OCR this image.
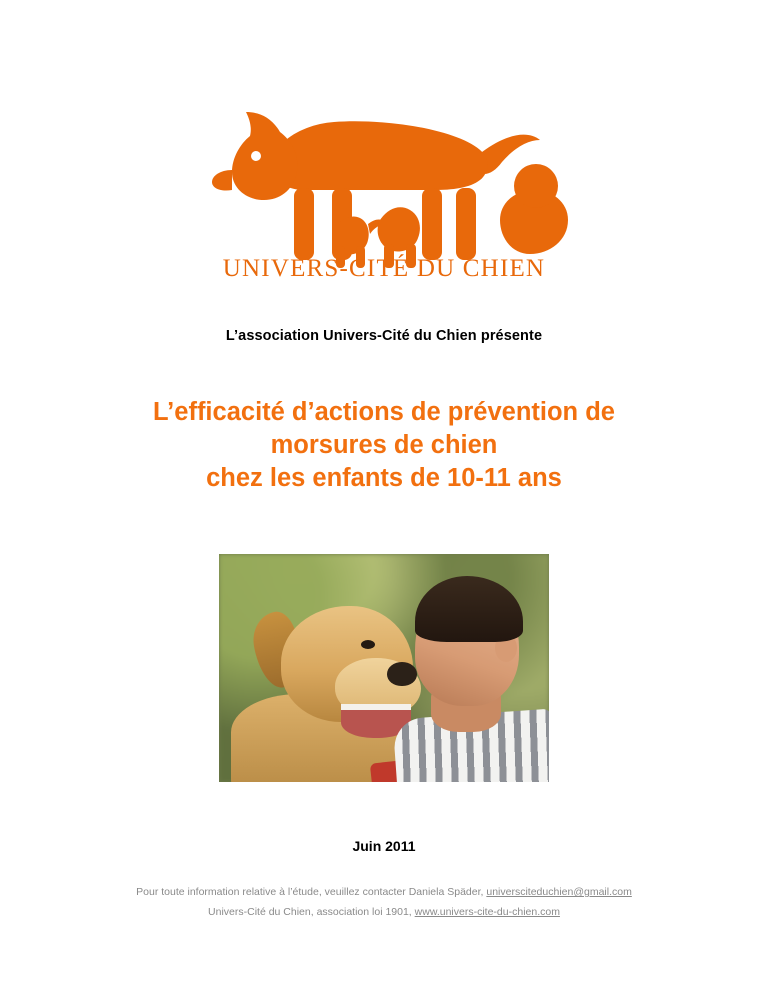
UNIVERS-CITÉ DU CHIEN
L’association Univers-Cité du Chien présente
L’efficacité d’actions de prévention de
morsures de chien
chez les enfants de 10-11 ans
Juin 2011
Pour toute information relative à l’étude, veuillez contacter Daniela Späder, universciteduchien@gmail.com
Univers-Cité du Chien, association loi 1901, www.univers-cite-du-chien.com
